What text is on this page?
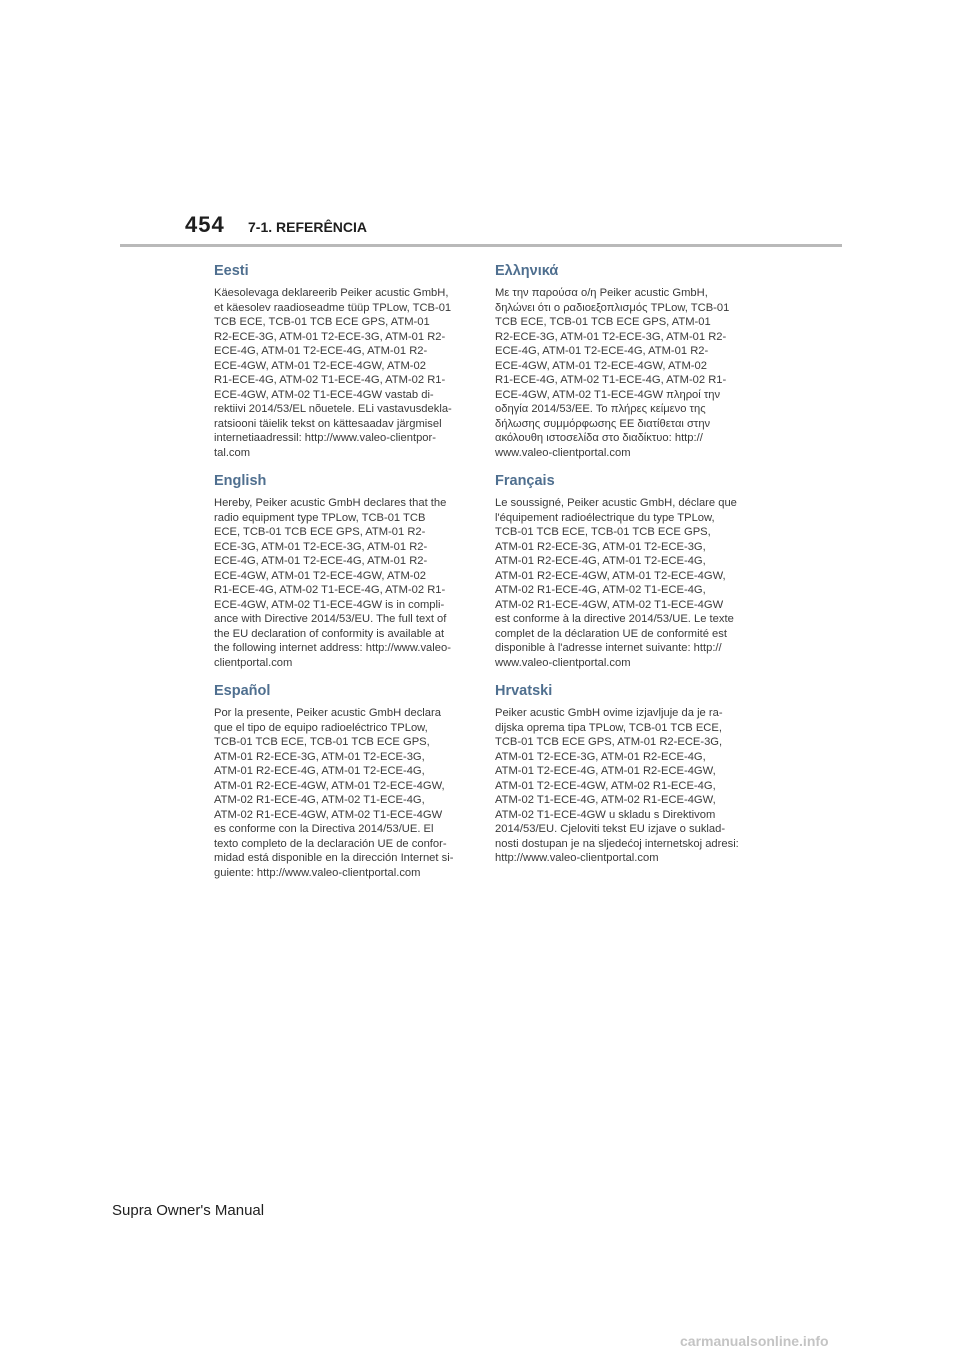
454 7-1. REFERÊNCIA
Eesti

Käesolevaga deklareerib Peiker acustic GmbH,
et käesolev raadioseadme tüüp TPLow, TCB-01
TCB ECE, TCB-01 TCB ECE GPS, ATM-01
R2-ECE-3G, ATM-01 T2-ECE-3G, ATM-01 R2-
ECE-4G, ATM-01 T2-ECE-4G, ATM-01 R2-
ECE-4GW, ATM-01 T2-ECE-4GW, ATM-02
R1-ECE-4G, ATM-02 T1-ECE-4G, ATM-02 R1-
ECE-4GW, ATM-02 T1-ECE-4GW vastab di-
rektiivi 2014/53/EL nõuetele. ELi vastavusdekla-
ratsiooni täielik tekst on kättesaadav järgmisel
internetiaadressil: http://www.valeo-clientpor-
tal.com

English

Hereby, Peiker acustic GmbH declares that the
radio equipment type TPLow, TCB-01 TCB
ECE, TCB-01 TCB ECE GPS, ATM-01 R2-
ECE-3G, ATM-01 T2-ECE-3G, ATM-01 R2-
ECE-4G, ATM-01 T2-ECE-4G, ATM-01 R2-
ECE-4GW, ATM-01 T2-ECE-4GW, ATM-02
R1-ECE-4G, ATM-02 T1-ECE-4G, ATM-02 R1-
ECE-4GW, ATM-02 T1-ECE-4GW is in compli-
ance with Directive 2014/53/EU. The full text of
the EU declaration of conformity is available at
the following internet address: http://www.valeo-
clientportal.com

Español

Por la presente, Peiker acustic GmbH declara
que el tipo de equipo radioeléctrico TPLow,
TCB-01 TCB ECE, TCB-01 TCB ECE GPS,
ATM-01 R2-ECE-3G, ATM-01 T2-ECE-3G,
ATM-01 R2-ECE-4G, ATM-01 T2-ECE-4G,
ATM-01 R2-ECE-4GW, ATM-01 T2-ECE-4GW,
ATM-02 R1-ECE-4G, ATM-02 T1-ECE-4G,
ATM-02 R1-ECE-4GW, ATM-02 T1-ECE-4GW
es conforme con la Directiva 2014/53/UE. El
texto completo de la declaración UE de confor-
midad está disponible en la dirección Internet si-
guiente: http://www.valeo-clientportal.com

Ελληνικά

Με την παρούσα ο/η Peiker acustic GmbH,
δηλώνει ότι ο ραδιοεξοπλισμός TPLow, TCB-01
TCB ECE, TCB-01 TCB ECE GPS, ATM-01
R2-ECE-3G, ATM-01 T2-ECE-3G, ATM-01 R2-
ECE-4G, ATM-01 T2-ECE-4G, ATM-01 R2-
ECE-4GW, ATM-01 T2-ECE-4GW, ATM-02
R1-ECE-4G, ATM-02 T1-ECE-4G, ATM-02 R1-
ECE-4GW, ATM-02 T1-ECE-4GW πληροί την
οδηγία 2014/53/ΕΕ. Το πλήρες κείμενο της
δήλωσης συμμόρφωσης ΕΕ διατίθεται στην
ακόλουθη ιστοσελίδα στο διαδίκτυο: http://
www.valeo-clientportal.com

Français

Le soussigné, Peiker acustic GmbH, déclare que
l'équipement radioélectrique du type TPLow,
TCB-01 TCB ECE, TCB-01 TCB ECE GPS,
ATM-01 R2-ECE-3G, ATM-01 T2-ECE-3G,
ATM-01 R2-ECE-4G, ATM-01 T2-ECE-4G,
ATM-01 R2-ECE-4GW, ATM-01 T2-ECE-4GW,
ATM-02 R1-ECE-4G, ATM-02 T1-ECE-4G,
ATM-02 R1-ECE-4GW, ATM-02 T1-ECE-4GW
est conforme à la directive 2014/53/UE. Le texte
complet de la déclaration UE de conformité est
disponible à l'adresse internet suivante: http://
www.valeo-clientportal.com

Hrvatski

Peiker acustic GmbH ovime izjavljuje da je ra-
dijska oprema tipa TPLow, TCB-01 TCB ECE,
TCB-01 TCB ECE GPS, ATM-01 R2-ECE-3G,
ATM-01 T2-ECE-3G, ATM-01 R2-ECE-4G,
ATM-01 T2-ECE-4G, ATM-01 R2-ECE-4GW,
ATM-01 T2-ECE-4GW, ATM-02 R1-ECE-4G,
ATM-02 T1-ECE-4G, ATM-02 R1-ECE-4GW,
ATM-02 T1-ECE-4GW u skladu s Direktivom
2014/53/EU. Cjeloviti tekst EU izjave o suklad-
nosti dostupan je na sljedećoj internetskoj adresi:
http://www.valeo-clientportal.com

Supra Owner's Manual
carmanualsonline.info
